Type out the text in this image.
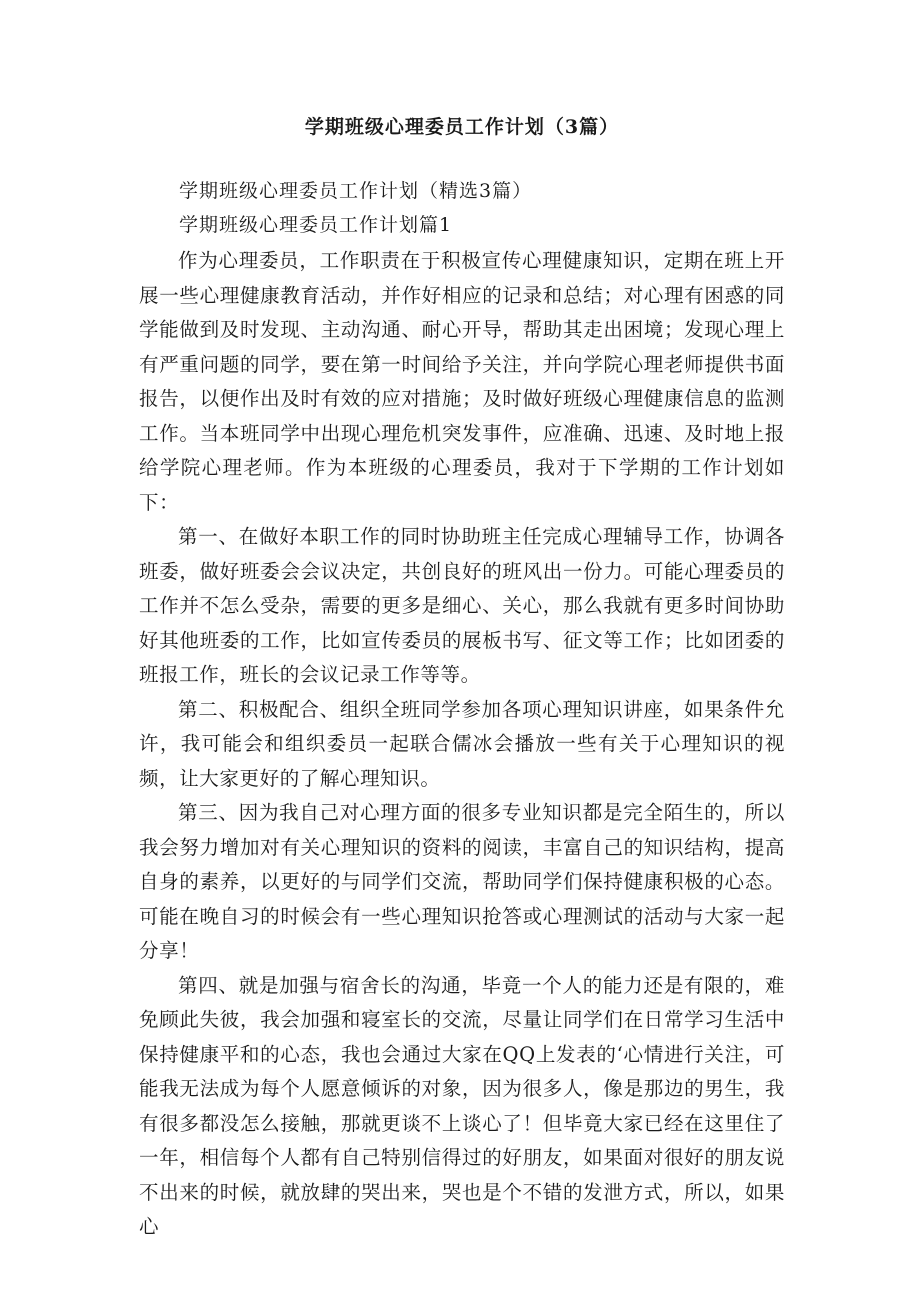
学期班级心理委员工作计划（3篇）

学期班级心理委员工作计划（精选3篇）

学期班级心理委员工作计划篇1

作为心理委员，工作职责在于积极宣传心理健康知识，定期在班上开展一些心理健康教育活动，并作好相应的记录和总结；对心理有困惑的同学能做到及时发现、主动沟通、耐心开导，帮助其走出困境；发现心理上有严重问题的同学，要在第一时间给予关注，并向学院心理老师提供书面报告，以便作出及时有效的应对措施；及时做好班级心理健康信息的监测工作。当本班同学中出现心理危机突发事件，应准确、迅速、及时地上报给学院心理老师。作为本班级的心理委员，我对于下学期的工作计划如下：

第一、在做好本职工作的同时协助班主任完成心理辅导工作，协调各班委，做好班委会会议决定，共创良好的班风出一份力。可能心理委员的工作并不怎么受杂，需要的更多是细心、关心，那么我就有更多时间协助好其他班委的工作，比如宣传委员的展板书写、征文等工作；比如团委的班报工作，班长的会议记录工作等等。

第二、积极配合、组织全班同学参加各项心理知识讲座，如果条件允许，我可能会和组织委员一起联合儒冰会播放一些有关于心理知识的视频，让大家更好的了解心理知识。

第三、因为我自己对心理方面的很多专业知识都是完全陌生的，所以我会努力增加对有关心理知识的资料的阅读，丰富自己的知识结构，提高自身的素养，以更好的与同学们交流，帮助同学们保持健康积极的心态。可能在晚自习的时候会有一些心理知识抢答或心理测试的活动与大家一起分享！

第四、就是加强与宿舍长的沟通，毕竟一个人的能力还是有限的，难免顾此失彼，我会加强和寝室长的交流，尽量让同学们在日常学习生活中保持健康平和的心态，我也会通过大家在QQ上发表的‘心情进行关注，可能我无法成为每个人愿意倾诉的对象，因为很多人，像是那边的男生，我有很多都没怎么接触，那就更谈不上谈心了！但毕竟大家已经在这里住了一年，相信每个人都有自己特别信得过的好朋友，如果面对很好的朋友说不出来的时候，就放肆的哭出来，哭也是个不错的发泄方式，所以，如果心
